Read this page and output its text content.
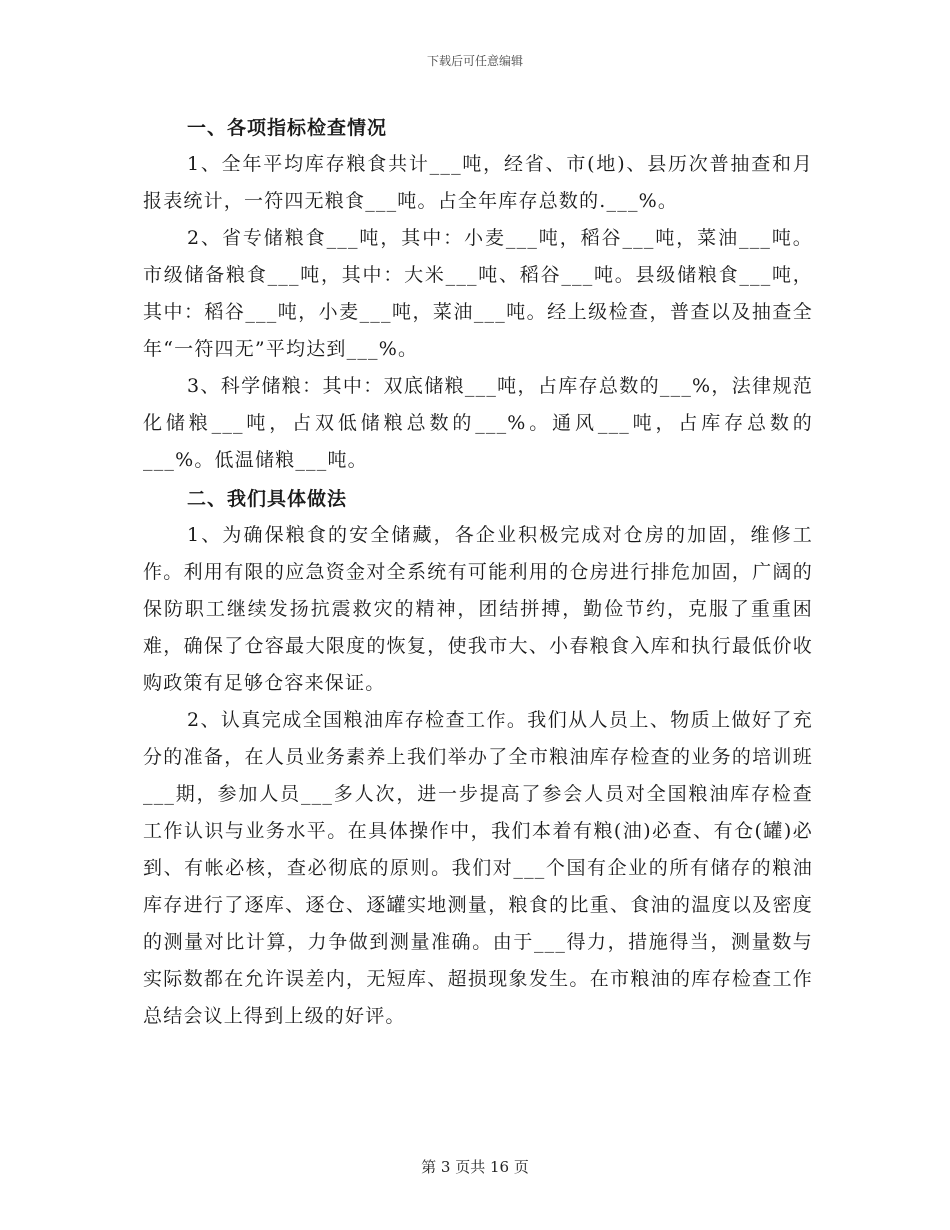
下载后可任意编辑
一、各项指标检查情况

1、全年平均库存粮食共计___吨，经省、市(地)、县历次普抽查和月报表统计，一符四无粮食___吨。占全年库存总数的.___%。

2、省专储粮食___吨，其中：小麦___吨，稻谷___吨，菜油___吨。市级储备粮食___吨，其中：大米___吨、稻谷___吨。县级储粮食___吨，其中：稻谷___吨，小麦___吨，菜油___吨。经上级检查，普查以及抽查全年“一符四无”平均达到___%。

3、科学储粮：其中：双底储粮___吨，占库存总数的___%，法律规范化储粮___吨，占双低储粮总数的___%。通风___吨，占库存总数的___%。低温储粮___吨。

二、我们具体做法

1、为确保粮食的安全储藏，各企业积极完成对仓房的加固，维修工作。利用有限的应急资金对全系统有可能利用的仓房进行排危加固，广阔的保防职工继续发扬抗震救灾的精神，团结拼搏，勤俭节约，克服了重重困难，确保了仓容最大限度的恢复，使我市大、小春粮食入库和执行最低价收购政策有足够仓容来保证。

2、认真完成全国粮油库存检查工作。我们从人员上、物质上做好了充分的准备，在人员业务素养上我们举办了全市粮油库存检查的业务的培训班___期，参加人员___多人次，进一步提高了参会人员对全国粮油库存检查工作认识与业务水平。在具体操作中，我们本着有粮(油)必查、有仓(罐)必到、有帐必核，查必彻底的原则。我们对___个国有企业的所有储存的粮油库存进行了逐库、逐仓、逐罐实地测量，粮食的比重、食油的温度以及密度的测量对比计算，力争做到测量准确。由于___得力，措施得当，测量数与实际数都在允许误差内，无短库、超损现象发生。在市粮油的库存检查工作总结会议上得到上级的好评。

第 3 页共 16 页
